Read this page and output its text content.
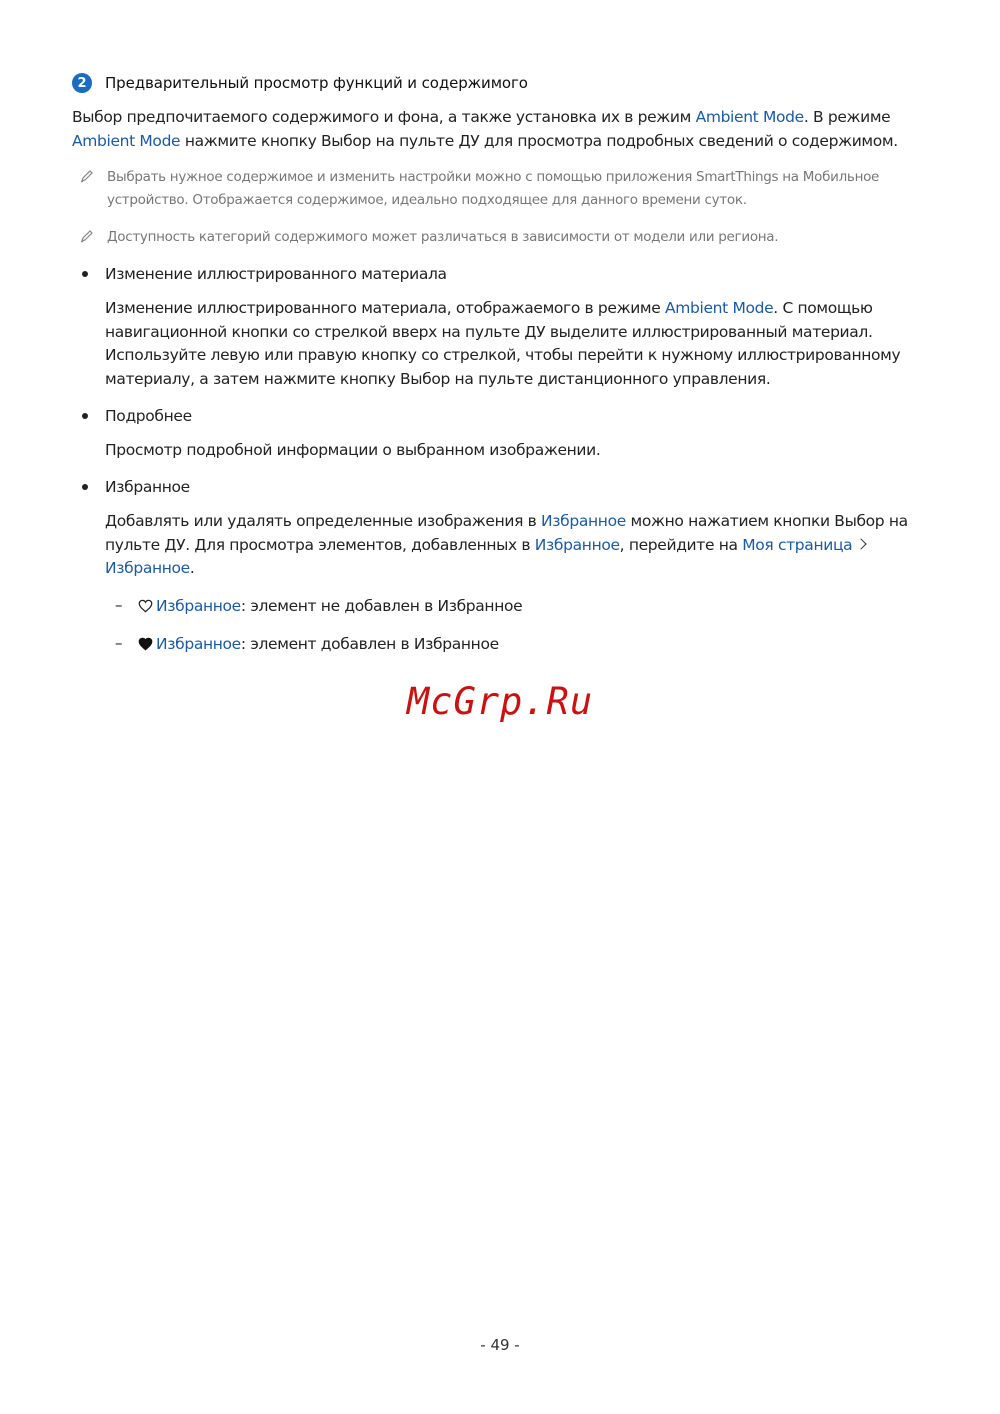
2	Предварительный просмотр функций и содержимого
Выбор предпочитаемого содержимого и фона, а также установка их в режим Ambient Mode. В режиме
Ambient Mode нажмите кнопку Выбор на пульте ДУ для просмотра подробных сведений о содержимом.
Выбрать нужное содержимое и изменить настройки можно с помощью приложения SmartThings на Мобильное
устройство. Отображается содержимое, идеально подходящее для данного времени суток.
Доступность категорий содержимого может различаться в зависимости от модели или региона.
Изменение иллюстрированного материала
Изменение иллюстрированного материала, отображаемого в режиме Ambient Mode. С помощью
навигационной кнопки со стрелкой вверх на пульте ДУ выделите иллюстрированный материал.
Используйте левую или правую кнопку со стрелкой, чтобы перейти к нужному иллюстрированному
материалу, а затем нажмите кнопку Выбор на пульте дистанционного управления.
Подробнее
Просмотр подробной информации о выбранном изображении.
Избранное
Добавлять или удалять определенные изображения в Избранное можно нажатием кнопки Выбор на
пульте ДУ. Для просмотра элементов, добавленных в Избранное, перейдите на Моя страница
Избранное.
– Избранное: элемент не добавлен в Избранное
– Избранное: элемент добавлен в Избранное
McGrp.Ru
- 49 -
